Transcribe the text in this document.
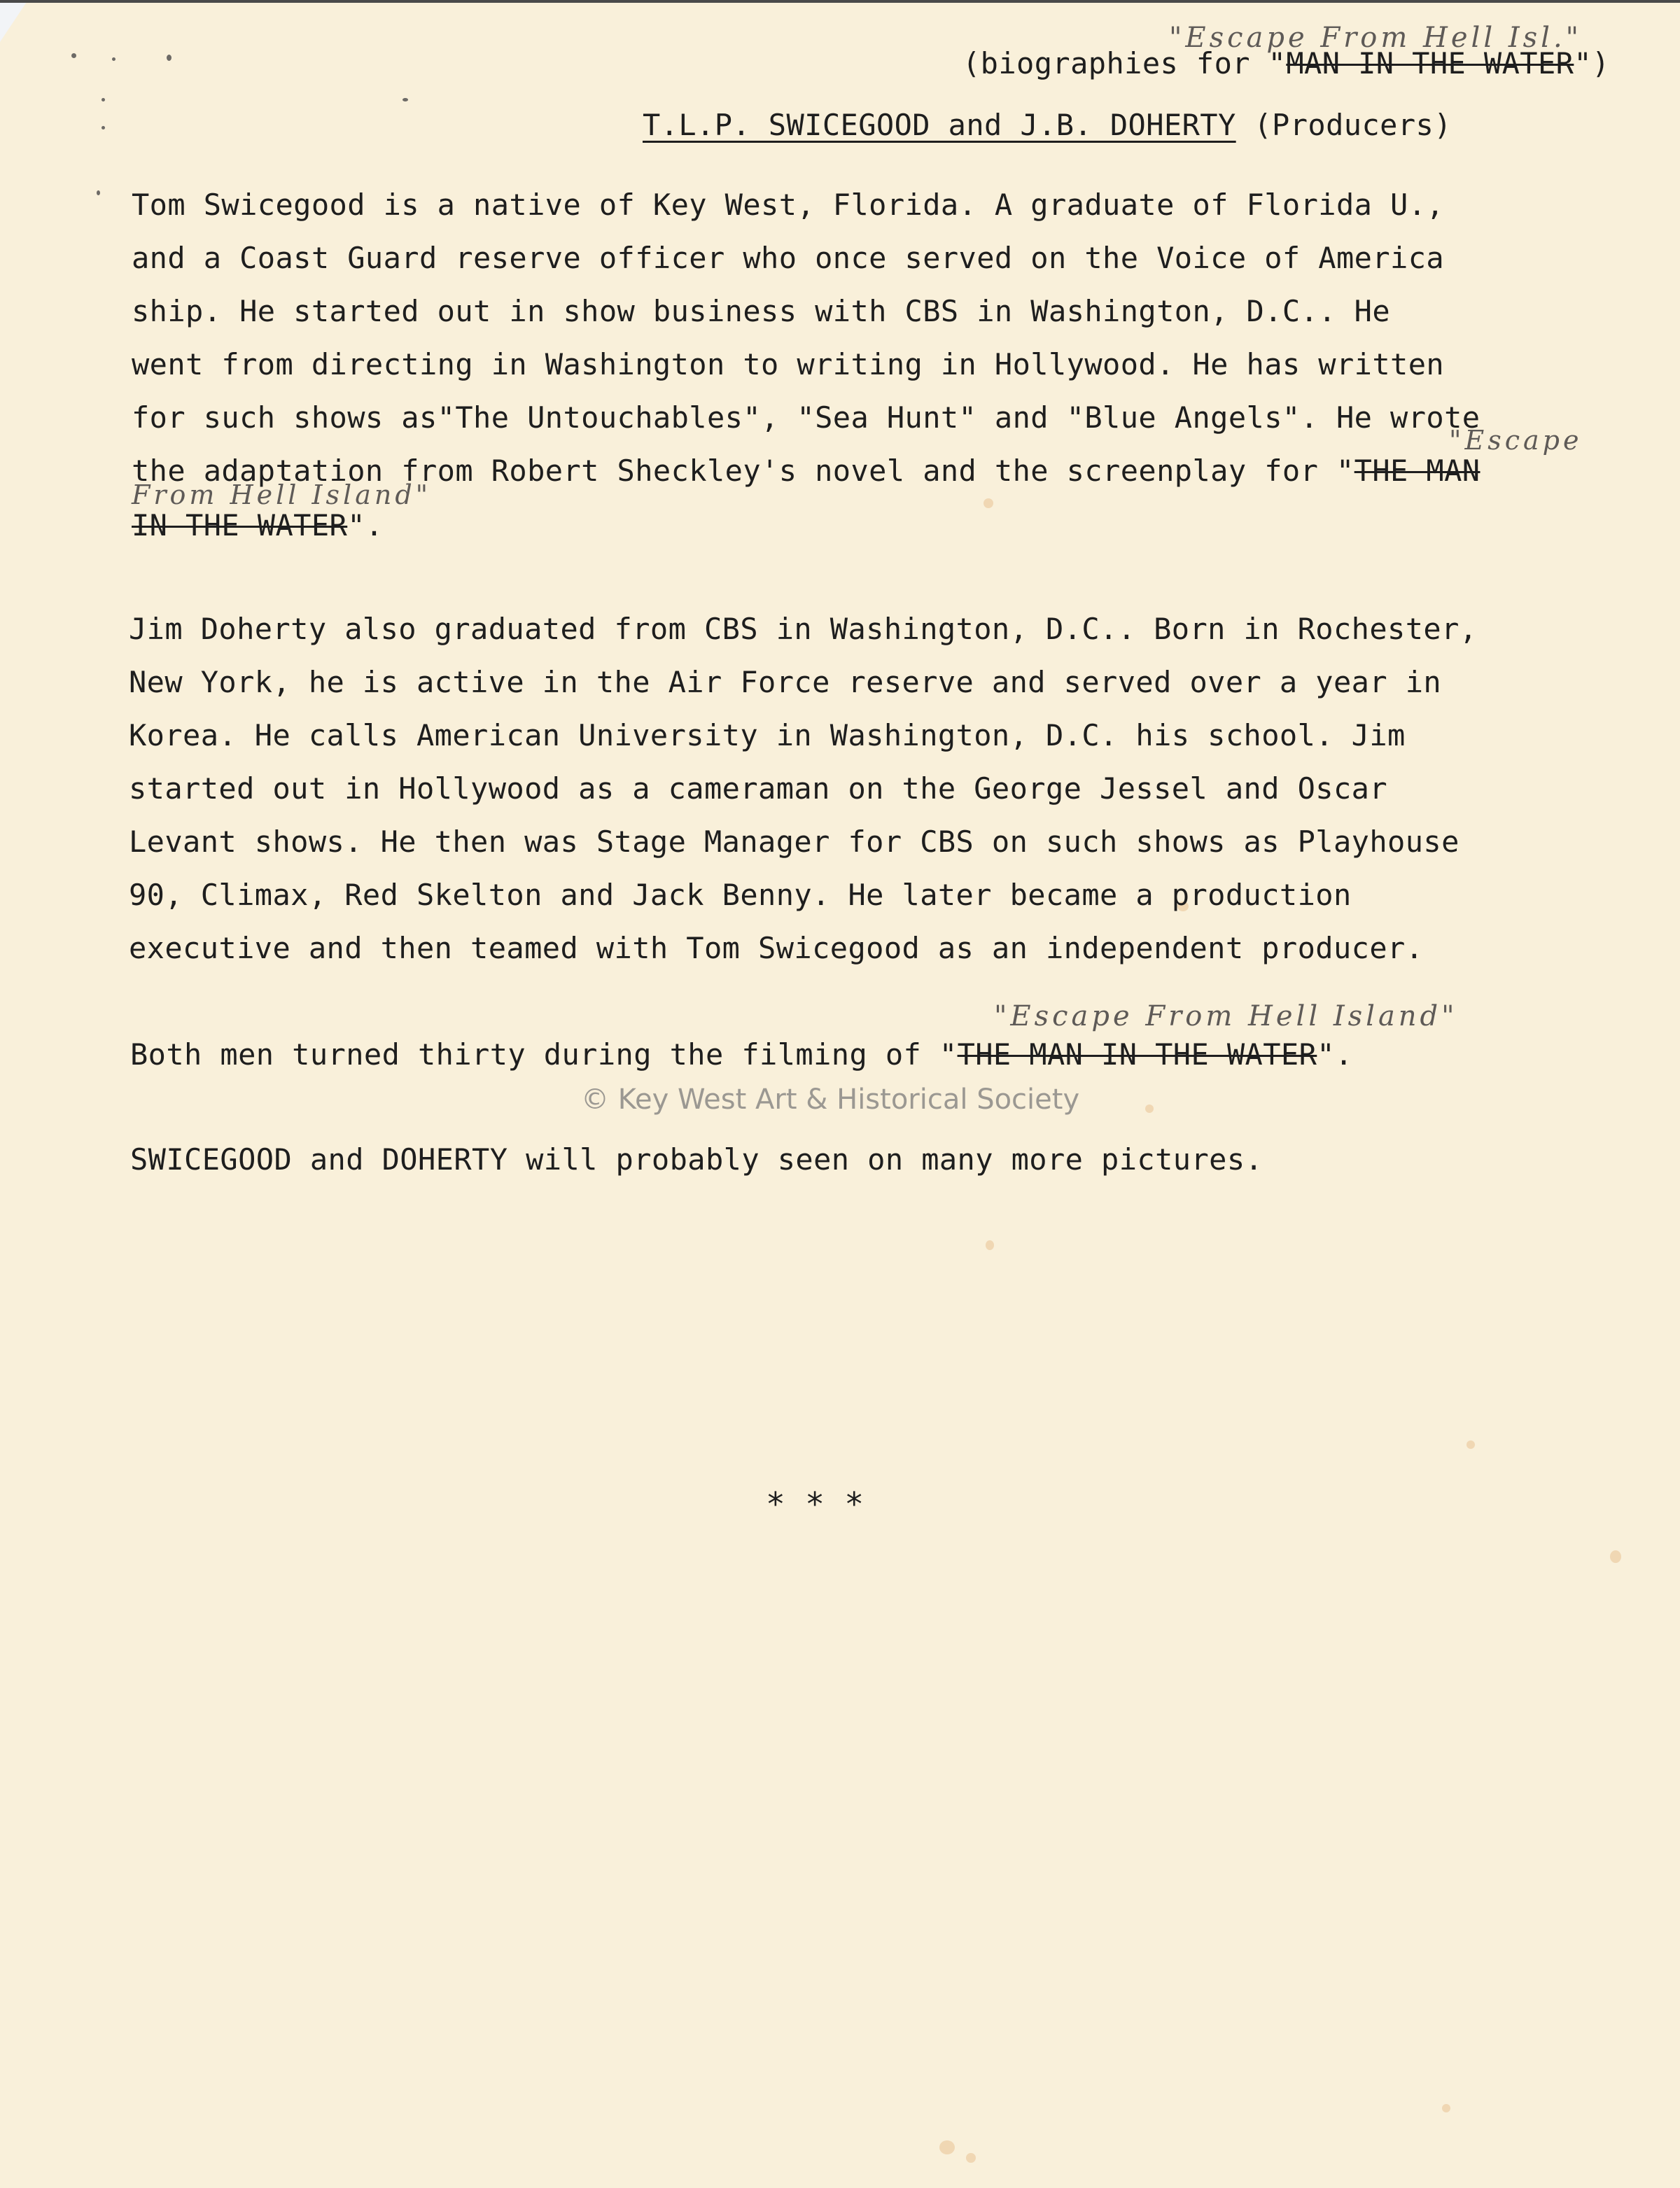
"Escape From Hell Isl."
(biographies for "MAN IN THE WATER")
T.L.P. SWICEGOOD and J.B. DOHERTY (Producers)
Tom Swicegood is a native of Key West, Florida. A graduate of Florida U.,
and a Coast Guard reserve officer who once served on the Voice of America
ship. He started out in show business with CBS in Washington, D.C.. He
went from directing in Washington to writing in Hollywood. He has written
for such shows as"The Untouchables", "Sea Hunt" and "Blue Angels". He wrote
"Escape
the adaptation from Robert Sheckley's novel and the screenplay for "THE MAN
From Hell Island"
IN THE WATER".
Jim Doherty also graduated from CBS in Washington, D.C.. Born in Rochester,
New York, he is active in the Air Force reserve and served over a year in
Korea. He calls American University in Washington, D.C. his school. Jim
started out in Hollywood as a cameraman on the George Jessel and Oscar
Levant shows. He then was Stage Manager for CBS on such shows as Playhouse
90, Climax, Red Skelton and Jack Benny. He later became a production
executive and then teamed with Tom Swicegood as an independent producer.
"Escape From Hell Island"
Both men turned thirty during the filming of "THE MAN IN THE WATER".
© Key West Art & Historical Society
SWICEGOOD and DOHERTY will probably seen on many more pictures.
* * *
